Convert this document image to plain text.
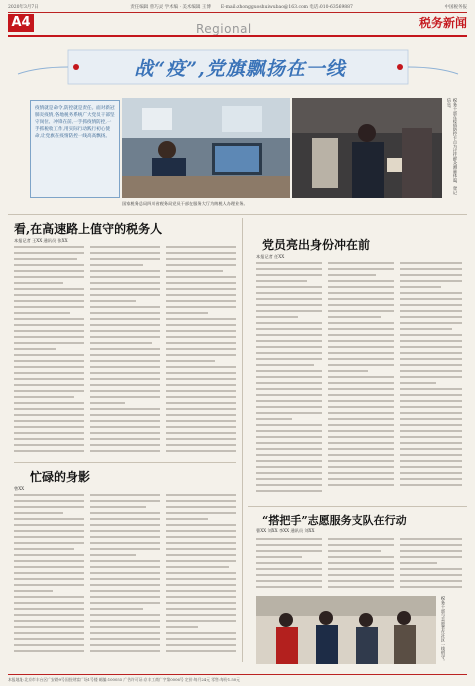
2020年3月7日	责任编辑 曾巧灵 学术编 · 美术编辑 王博 E-mail:zhongguoshuiwubao@163.com 电话:010-63569887	中国税务报
A4	Regional	税务新闻
战“疫”,党旗飘扬在一线
疫情就是命令,防控就是责任。面对新冠肺炎疫情,各地税务系统广大党员干部坚守岗位、冲锋在前,一手抓疫情防控,一手抓税收工作,用实际行动践行初心使命,让党旗在疫情防控一线高高飘扬。
国家税务总局四川省税务局党员干部在服务大厅为纳税人办理业务。
税务干部在疫情防控卡点为过往群众测量体温、登记信息。
看,在高速路上值守的税务人
本报记者 王XX 通讯员 张XX
忙碌的身影
曾XX
党员亮出身份冲在前
本报记者 任XX
“搭把手”志愿服务支队在行动
曹XX 刘XX 李XX 通讯员 刘XX
税务干部与志愿者在社区一线值守。
本报地址:北京市丰台区广安路9号国投财富广场1号楼 邮编:100055 广告许可证:京丰工商广字第0006号 定价:每月24元 零售:每份1.50元
